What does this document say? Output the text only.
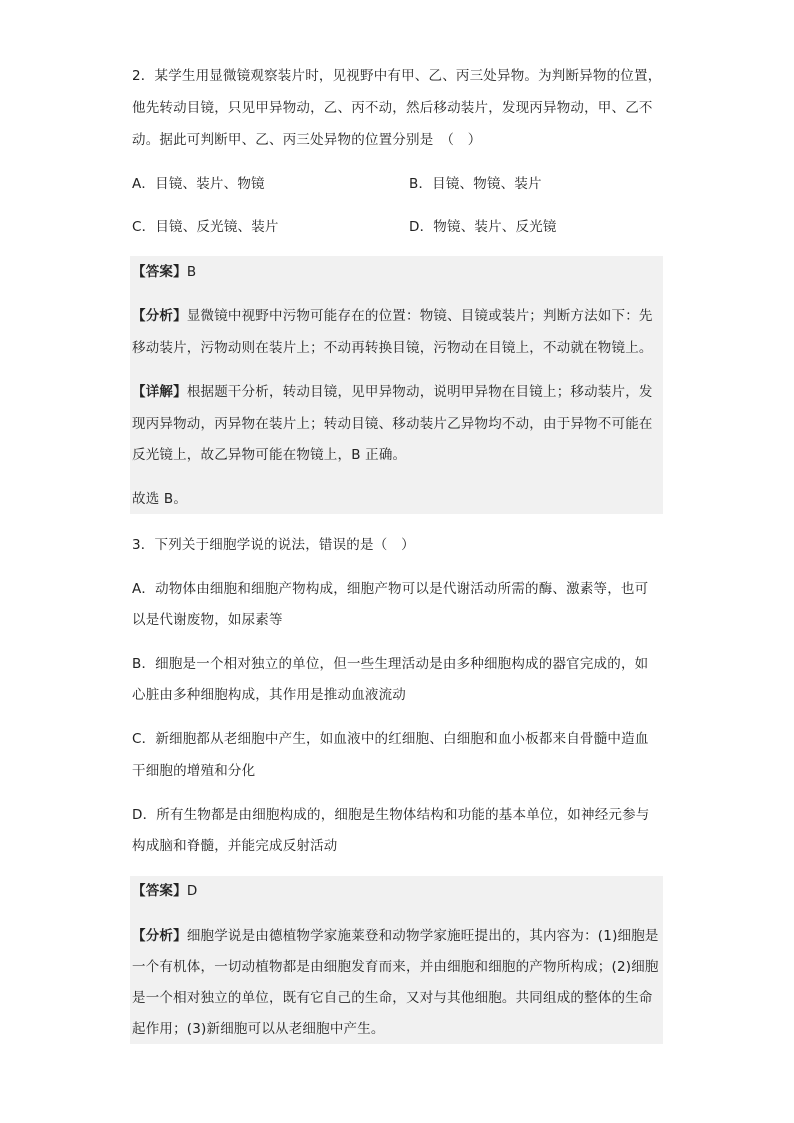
2．某学生用显微镜观察装片时，见视野中有甲、乙、丙三处异物。为判断异物的位置，
他先转动目镜，只见甲异物动，乙、丙不动，然后移动装片，发现丙异物动，甲、乙不
动。据此可判断甲、乙、丙三处异物的位置分别是　（　）
A．目镜、装片、物镜	B．目镜、物镜、装片
C．目镜、反光镜、装片	D．物镜、装片、反光镜
【答案】B
【分析】显微镜中视野中污物可能存在的位置：物镜、目镜或装片；判断方法如下：先
移动装片，污物动则在装片上；不动再转换目镜，污物动在目镜上，不动就在物镜上。
【详解】根据题干分析，转动目镜，见甲异物动，说明甲异物在目镜上；移动装片，发
现丙异物动，丙异物在装片上；转动目镜、移动装片乙异物均不动，由于异物不可能在
反光镜上，故乙异物可能在物镜上，B 正确。
故选 B。
3．下列关于细胞学说的说法，错误的是（　）
A．动物体由细胞和细胞产物构成，细胞产物可以是代谢活动所需的酶、激素等，也可
以是代谢废物，如尿素等
B．细胞是一个相对独立的单位，但一些生理活动是由多种细胞构成的器官完成的，如
心脏由多种细胞构成，其作用是推动血液流动
C．新细胞都从老细胞中产生，如血液中的红细胞、白细胞和血小板都来自骨髓中造血
干细胞的增殖和分化
D．所有生物都是由细胞构成的，细胞是生物体结构和功能的基本单位，如神经元参与
构成脑和脊髓，并能完成反射活动
【答案】D
【分析】细胞学说是由德植物学家施莱登和动物学家施旺提出的，其内容为：(1)细胞是
一个有机体，一切动植物都是由细胞发育而来，并由细胞和细胞的产物所构成；(2)细胞
是一个相对独立的单位，既有它自己的生命，又对与其他细胞。共同组成的整体的生命
起作用；(3)新细胞可以从老细胞中产生。
